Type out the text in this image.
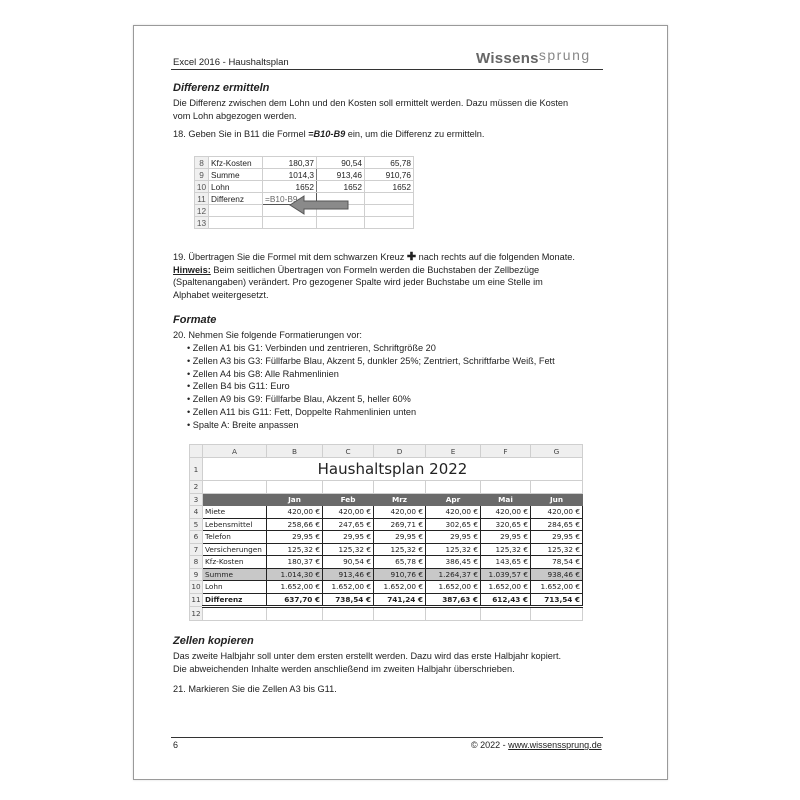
Excel 2016 - Haushaltsplan	Wissenssprung
Differenz ermitteln
Die Differenz zwischen dem Lohn und den Kosten soll ermittelt werden. Dazu müssen die Kosten
vom Lohn abgezogen werden.
18. Geben Sie in B11 die Formel =B10-B9 ein, um die Differenz zu ermitteln.
8	Kfz-Kosten	180,37	90,54	65,78
9	Summe	1014,3	913,46	910,76
10	Lohn	1652	1652	1652
11	Differenz	=B10-B9		
12				
13				
19. Übertragen Sie die Formel mit dem schwarzen Kreuz ✚ nach rechts auf die folgenden Monate.
Hinweis: Beim seitlichen Übertragen von Formeln werden die Buchstaben der Zellbezüge
(Spaltenangaben) verändert. Pro gezogener Spalte wird jeder Buchstabe um eine Stelle im
Alphabet weitergesetzt.
Formate
20. Nehmen Sie folgende Formatierungen vor:
• Zellen A1 bis G1: Verbinden und zentrieren, Schriftgröße 20
• Zellen A3 bis G3: Füllfarbe Blau, Akzent 5, dunkler 25%; Zentriert, Schriftfarbe Weiß, Fett
• Zellen A4 bis G8: Alle Rahmenlinien
• Zellen B4 bis G11: Euro
• Zellen A9 bis G9: Füllfarbe Blau, Akzent 5, heller 60%
• Zellen A11 bis G11: Fett, Doppelte Rahmenlinien unten
• Spalte A: Breite anpassen
	A	B	C	D	E	F	G
1	Haushaltsplan 2022						
2							
3		Jan	Feb	Mrz	Apr	Mai	Jun
4	Miete	420,00 €	420,00 €	420,00 €	420,00 €	420,00 €	420,00 €
5	Lebensmittel	258,66 €	247,65 €	269,71 €	302,65 €	320,65 €	284,65 €
6	Telefon	29,95 €	29,95 €	29,95 €	29,95 €	29,95 €	29,95 €
7	Versicherungen	125,32 €	125,32 €	125,32 €	125,32 €	125,32 €	125,32 €
8	Kfz-Kosten	180,37 €	90,54 €	65,78 €	386,45 €	143,65 €	78,54 €
9	Summe	1.014,30 €	913,46 €	910,76 €	1.264,37 €	1.039,57 €	938,46 €
10	Lohn	1.652,00 €	1.652,00 €	1.652,00 €	1.652,00 €	1.652,00 €	1.652,00 €
11	Differenz	637,70 €	738,54 €	741,24 €	387,63 €	612,43 €	713,54 €
12							
Zellen kopieren
Das zweite Halbjahr soll unter dem ersten erstellt werden. Dazu wird das erste Halbjahr kopiert.
Die abweichenden Inhalte werden anschließend im zweiten Halbjahr überschrieben.
21. Markieren Sie die Zellen A3 bis G11.
6	© 2022 - www.wissenssprung.de
